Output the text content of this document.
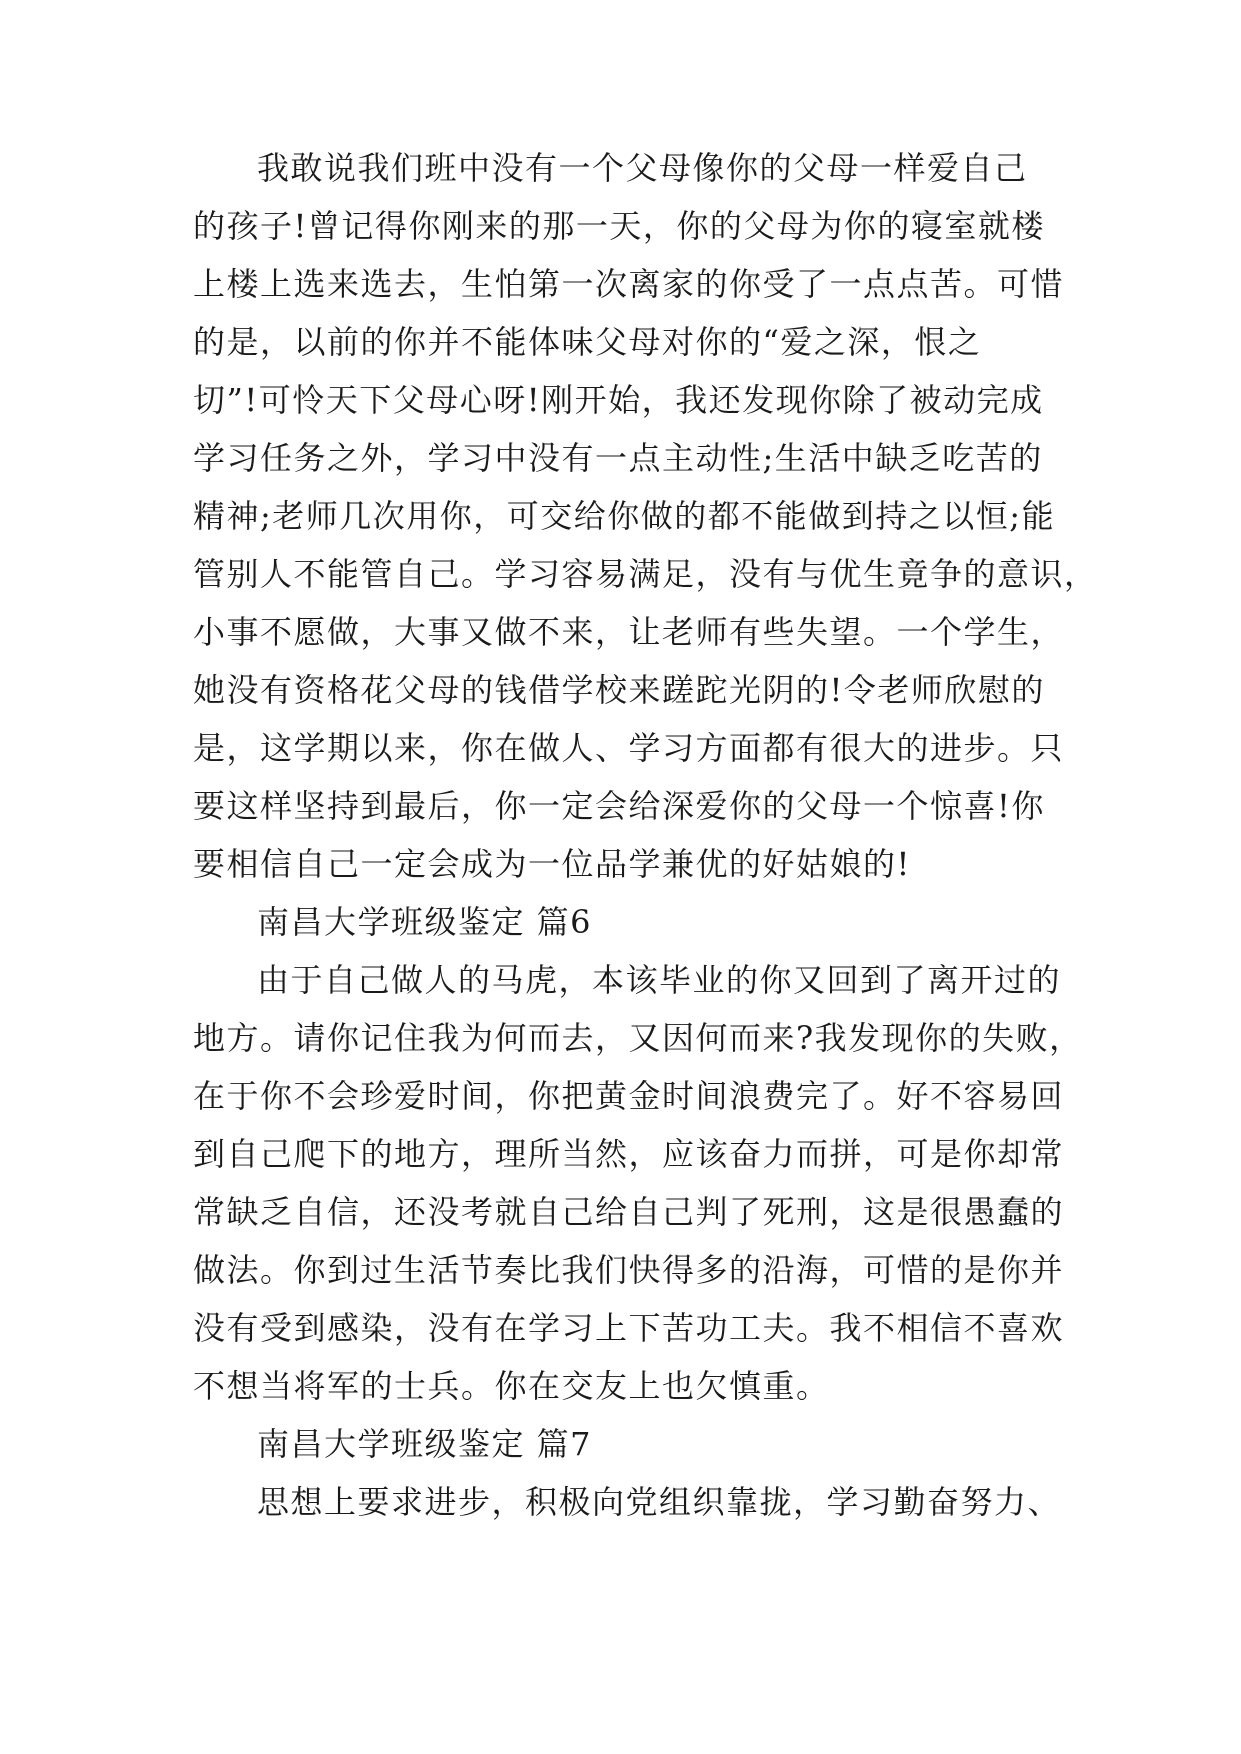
我敢说我们班中没有一个父母像你的父母一样爱自己
的孩子!曾记得你刚来的那一天，你的父母为你的寝室就楼
上楼上选来选去，生怕第一次离家的你受了一点点苦。可惜
的是，以前的你并不能体味父母对你的“爱之深，恨之
切”!可怜天下父母心呀!刚开始，我还发现你除了被动完成
学习任务之外，学习中没有一点主动性;生活中缺乏吃苦的
精神;老师几次用你，可交给你做的都不能做到持之以恒;能
管别人不能管自己。学习容易满足，没有与优生竟争的意识，
小事不愿做，大事又做不来，让老师有些失望。一个学生，
她没有资格花父母的钱借学校来蹉跎光阴的!令老师欣慰的
是，这学期以来，你在做人、学习方面都有很大的进步。只
要这样坚持到最后，你一定会给深爱你的父母一个惊喜!你
要相信自己一定会成为一位品学兼优的好姑娘的!
南昌大学班级鉴定 篇6
由于自己做人的马虎，本该毕业的你又回到了离开过的
地方。请你记住我为何而去，又因何而来?我发现你的失败，
在于你不会珍爱时间，你把黄金时间浪费完了。好不容易回
到自己爬下的地方，理所当然，应该奋力而拼，可是你却常
常缺乏自信，还没考就自己给自己判了死刑，这是很愚蠢的
做法。你到过生活节奏比我们快得多的沿海，可惜的是你并
没有受到感染，没有在学习上下苦功工夫。我不相信不喜欢
不想当将军的士兵。你在交友上也欠慎重。
南昌大学班级鉴定 篇7
思想上要求进步，积极向党组织靠拢，学习勤奋努力、
